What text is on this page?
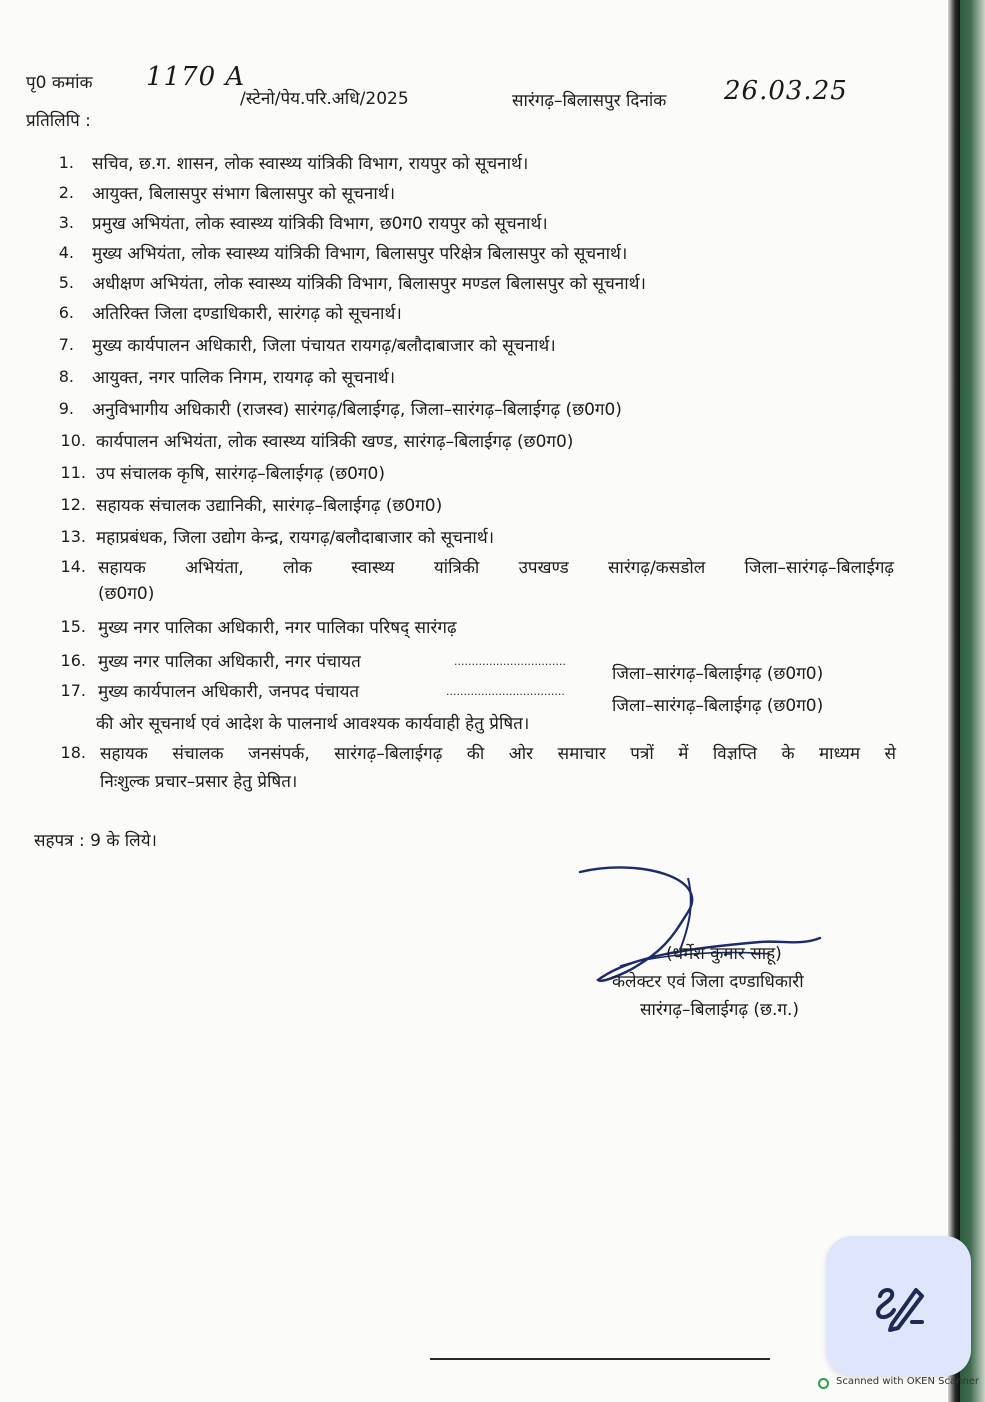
पृ0 कमांक 1170 A
/स्टेनो/पेय.परि.अधि/2025	सारंगढ़–बिलासपुर दिनांक 26.03.25
प्रतिलिपि :
1. सचिव, छ.ग. शासन, लोक स्वास्थ्य यांत्रिकी विभाग, रायपुर को सूचनार्थ।
2. आयुक्त, बिलासपुर संभाग बिलासपुर को सूचनार्थ।
3. प्रमुख अभियंता, लोक स्वास्थ्य यांत्रिकी विभाग, छ0ग0 रायपुर को सूचनार्थ।
4. मुख्य अभियंता, लोक स्वास्थ्य यांत्रिकी विभाग, बिलासपुर परिक्षेत्र बिलासपुर को सूचनार्थ।
5. अधीक्षण अभियंता, लोक स्वास्थ्य यांत्रिकी विभाग, बिलासपुर मण्डल बिलासपुर को सूचनार्थ।
6. अतिरिक्त जिला दण्डाधिकारी, सारंगढ़ को सूचनार्थ।
7. मुख्य कार्यपालन अधिकारी, जिला पंचायत रायगढ़/बलौदाबाजार को सूचनार्थ।
8. आयुक्त, नगर पालिक निगम, रायगढ़ को सूचनार्थ।
9. अनुविभागीय अधिकारी (राजस्व) सारंगढ़/बिलाईगढ़, जिला–सारंगढ़–बिलाईगढ़ (छ0ग0)
10. कार्यपालन अभियंता, लोक स्वास्थ्य यांत्रिकी खण्ड, सारंगढ़–बिलाईगढ़ (छ0ग0)
11. उप संचालक कृषि, सारंगढ़–बिलाईगढ़ (छ0ग0)
12. सहायक संचालक उद्यानिकी, सारंगढ़–बिलाईगढ़ (छ0ग0)
13. महाप्रबंधक, जिला उद्योग केन्द्र, रायगढ़/बलौदाबाजार को सूचनार्थ।
14. सहायक अभियंता, लोक स्वास्थ्य यांत्रिकी उपखण्ड सारंगढ़/कसडोल जिला–सारंगढ़–बिलाईगढ़
(छ0ग0)
15. मुख्य नगर पालिका अधिकारी, नगर पालिका परिषद् सारंगढ़
16. मुख्य नगर पालिका अधिकारी, नगर पंचायत	................................
जिला–सारंगढ़–बिलाईगढ़ (छ0ग0)
17. मुख्य कार्यपालन अधिकारी, जनपद पंचायत	..................................
जिला–सारंगढ़–बिलाईगढ़ (छ0ग0)
की ओर सूचनार्थ एवं आदेश के पालनार्थ आवश्यक कार्यवाही हेतु प्रेषित।
18. सहायक संचालक जनसंपर्क, सारंगढ़–बिलाईगढ़ की ओर समाचार पत्रों में विज्ञप्ति के माध्यम से
निःशुल्क प्रचार–प्रसार हेतु प्रेषित।
सहपत्र : 9 के लिये।
(धर्मेश कुमार साहू)
कलेक्टर एवं जिला दण्डाधिकारी
सारंगढ़–बिलाईगढ़ (छ.ग.)
Scanned with OKEN Scanner
